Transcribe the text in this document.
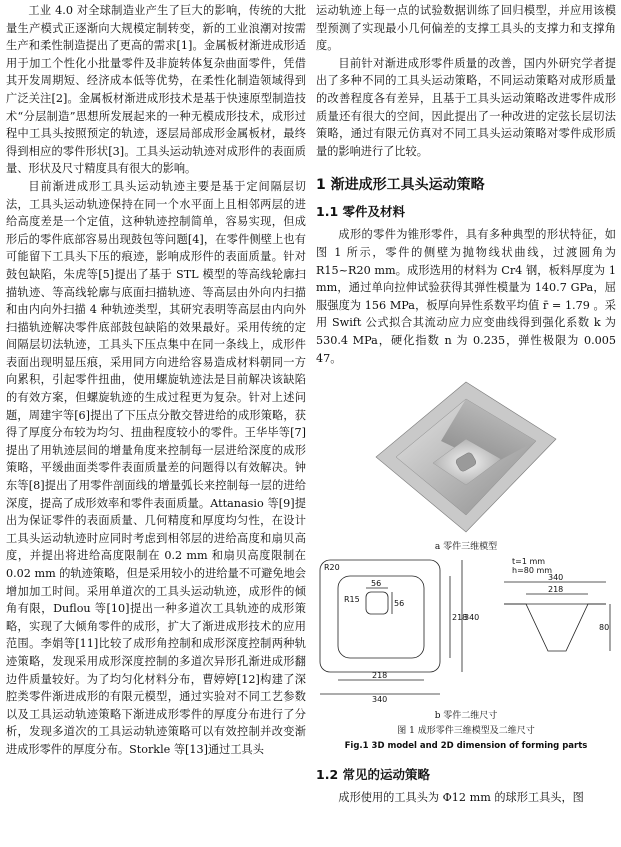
工业 4.0 对全球制造业产生了巨大的影响，传统的大批量生产模式正逐渐向大规模定制转变，新的工业浪潮对按需生产和柔性制造提出了更高的需求[1]。金属板材渐进成形适用于加工个性化小批量零件及非旋转体复杂曲面零件，凭借其开发周期短、经济成本低等优势，在柔性化制造领域得到广泛关注[2]。金属板材渐进成形技术是基于快速原型制造技术“分层制造”思想所发展起来的一种无模成形技术，成形过程中工具头按照预定的轨迹，逐层局部成形金属板材，最终得到相应的零件形状[3]。工具头运动轨迹对成形件的表面质量、形状及尺寸精度具有很大的影响。

目前渐进成形工具头运动轨迹主要是基于定间隔层切法，工具头运动轨迹保持在同一个水平面上且相邻两层的进给高度差是一个定值，这种轨迹控制简单，容易实现，但成形后的零件底部容易出现鼓包等问题[4]，在零件侧壁上也有可能留下工具头下压的痕迹，影响成形件的表面质量。针对鼓包缺陷，朱虎等[5]提出了基于 STL 模型的等高线轮廓扫描轨迹、等高线轮廓与底面扫描轨迹、等高层由外向内扫描和由内向外扫描 4 种轨迹类型，其研究表明等高层由内向外扫描轨迹解决零件底部鼓包缺陷的效果最好。采用传统的定间隔层切法轨迹，工具头下压点集中在同一条线上，成形件表面出现明显压痕，采用同方向进给容易造成材料朝同一方向累积，引起零件扭曲，使用螺旋轨迹法是目前解决该缺陷的有效方案，但螺旋轨迹的生成过程更为复杂。针对上述问题，周建宇等[6]提出了下压点分散交替进给的成形策略，获得了厚度分布较为均匀、扭曲程度较小的零件。王华毕等[7]提出了用轨迹层间的增量角度来控制每一层进给深度的成形策略，平缓曲面类零件表面质量差的问题得以有效解决。钟东等[8]提出了用零件剖面线的增量弧长来控制每一层的进给深度，提高了成形效率和零件表面质量。Attanasio 等[9]提出为保证零件的表面质量、几何精度和厚度均匀性，在设计工具头运动轨迹时应同时考虑到相邻层的进给高度和扇贝高度，并提出将进给高度限制在 0.2 mm 和扇贝高度限制在 0.02 mm 的轨迹策略，但是采用较小的进给量不可避免地会增加加工时间。采用单道次的工具头运动轨迹，成形件的倾角有限，Duflou 等[10]提出一种多道次工具轨迹的成形策略，实现了大倾角零件的成形，扩大了渐进成形技术的应用范围。李娟等[11]比较了成形角控制和成形深度控制两种轨迹策略，发现采用成形深度控制的多道次异形孔渐进成形翻边件质量较好。为了均匀化材料分布，曹婷婷[12]构建了深腔类零件渐进成形的有限元模型，通过实验对不同工艺参数以及工具运动轨迹策略下渐进成形零件的厚度分布进行了分析，发现多道次的工具运动轨迹策略可以有效控制并改变渐进成形零件的厚度分布。Storkle 等[13]通过工具头

运动轨迹上每一点的试验数据训练了回归模型，并应用该模型预测了实现最小几何偏差的支撑工具头的支撑力和支撑角度。

目前针对渐进成形零件质量的改善，国内外研究学者提出了多种不同的工具头运动策略，不同运动策略对成形质量的改善程度各有差异，且基于工具头运动策略改进零件成形质量还有很大的空间，因此提出了一种改进的定弦长层切法策略，通过有限元仿真对不同工具头运动策略对零件成形质量的影响进行了比较。

1 渐进成形工具头运动策略
1.1 零件及材料

成形的零件为锥形零件，具有多种典型的形状特征，如图 1 所示，零件的侧壁为抛物线状曲线，过渡圆角为 R15~R20 mm。成形选用的材料为 Cr4 钢，板料厚度为 1 mm，通过单向拉伸试验获得其弹性模量为 140.7 GPa，屈服强度为 156 MPa，板厚向异性系数平均值 r̄ = 1.79 。采用 Swift 公式拟合其流动应力应变曲线得到强化系数 k 为 530.4 MPa，硬化指数 n 为 0.235，弹性极限为 0.005 47。

a 零件三维模型
R20
R15
56
56
218
340
218
340
t=1 mm
h=80 mm
340
218
80
b 零件二维尺寸
图 1 成形零件三维模型及二维尺寸
Fig.1 3D model and 2D dimension of forming parts
1.2 常见的运动策略

成形使用的工具头为 Φ12 mm 的球形工具头，图
